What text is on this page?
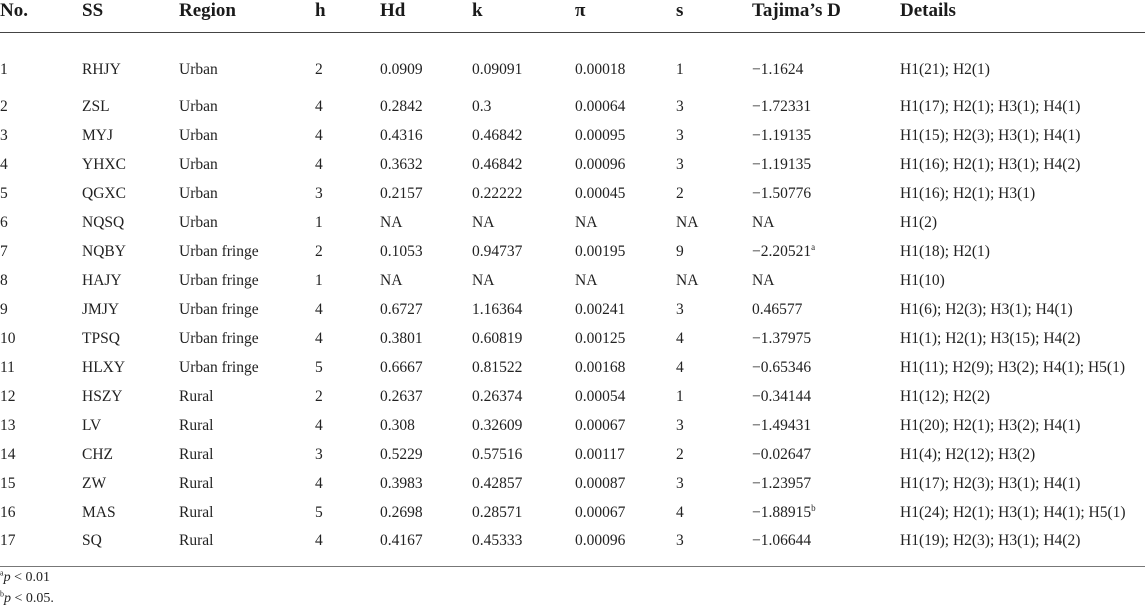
No.	SS	Region	h	Hd	k	π	s	Tajima’s D	Details
1	RHJY	Urban	2	0.0909	0.09091	0.00018	1	−1.1624	H1(21); H2(1)
2	ZSL	Urban	4	0.2842	0.3	0.00064	3	−1.72331	H1(17); H2(1); H3(1); H4(1)
3	MYJ	Urban	4	0.4316	0.46842	0.00095	3	−1.19135	H1(15); H2(3); H3(1); H4(1)
4	YHXC	Urban	4	0.3632	0.46842	0.00096	3	−1.19135	H1(16); H2(1); H3(1); H4(2)
5	QGXC	Urban	3	0.2157	0.22222	0.00045	2	−1.50776	H1(16); H2(1); H3(1)
6	NQSQ	Urban	1	NA	NA	NA	NA	NA	H1(2)
7	NQBY	Urban fringe	2	0.1053	0.94737	0.00195	9	−2.20521$^a$	H1(18); H2(1)
8	HAJY	Urban fringe	1	NA	NA	NA	NA	NA	H1(10)
9	JMJY	Urban fringe	4	0.6727	1.16364	0.00241	3	0.46577	H1(6); H2(3); H3(1); H4(1)
10	TPSQ	Urban fringe	4	0.3801	0.60819	0.00125	4	−1.37975	H1(1); H2(1); H3(15); H4(2)
11	HLXY	Urban fringe	5	0.6667	0.81522	0.00168	4	−0.65346	H1(11); H2(9); H3(2); H4(1); H5(1)
12	HSZY	Rural	2	0.2637	0.26374	0.00054	1	−0.34144	H1(12); H2(2)
13	LV	Rural	4	0.308	0.32609	0.00067	3	−1.49431	H1(20); H2(1); H3(2); H4(1)
14	CHZ	Rural	3	0.5229	0.57516	0.00117	2	−0.02647	H1(4); H2(12); H3(2)
15	ZW	Rural	4	0.3983	0.42857	0.00087	3	−1.23957	H1(17); H2(3); H3(1); H4(1)
16	MAS	Rural	5	0.2698	0.28571	0.00067	4	−1.88915$^b$	H1(24); H2(1); H3(1); H4(1); H5(1)
17	SQ	Rural	4	0.4167	0.45333	0.00096	3	−1.06644	H1(19); H2(3); H3(1); H4(2)
$^a$p < 0.01
$^b$p < 0.05.
